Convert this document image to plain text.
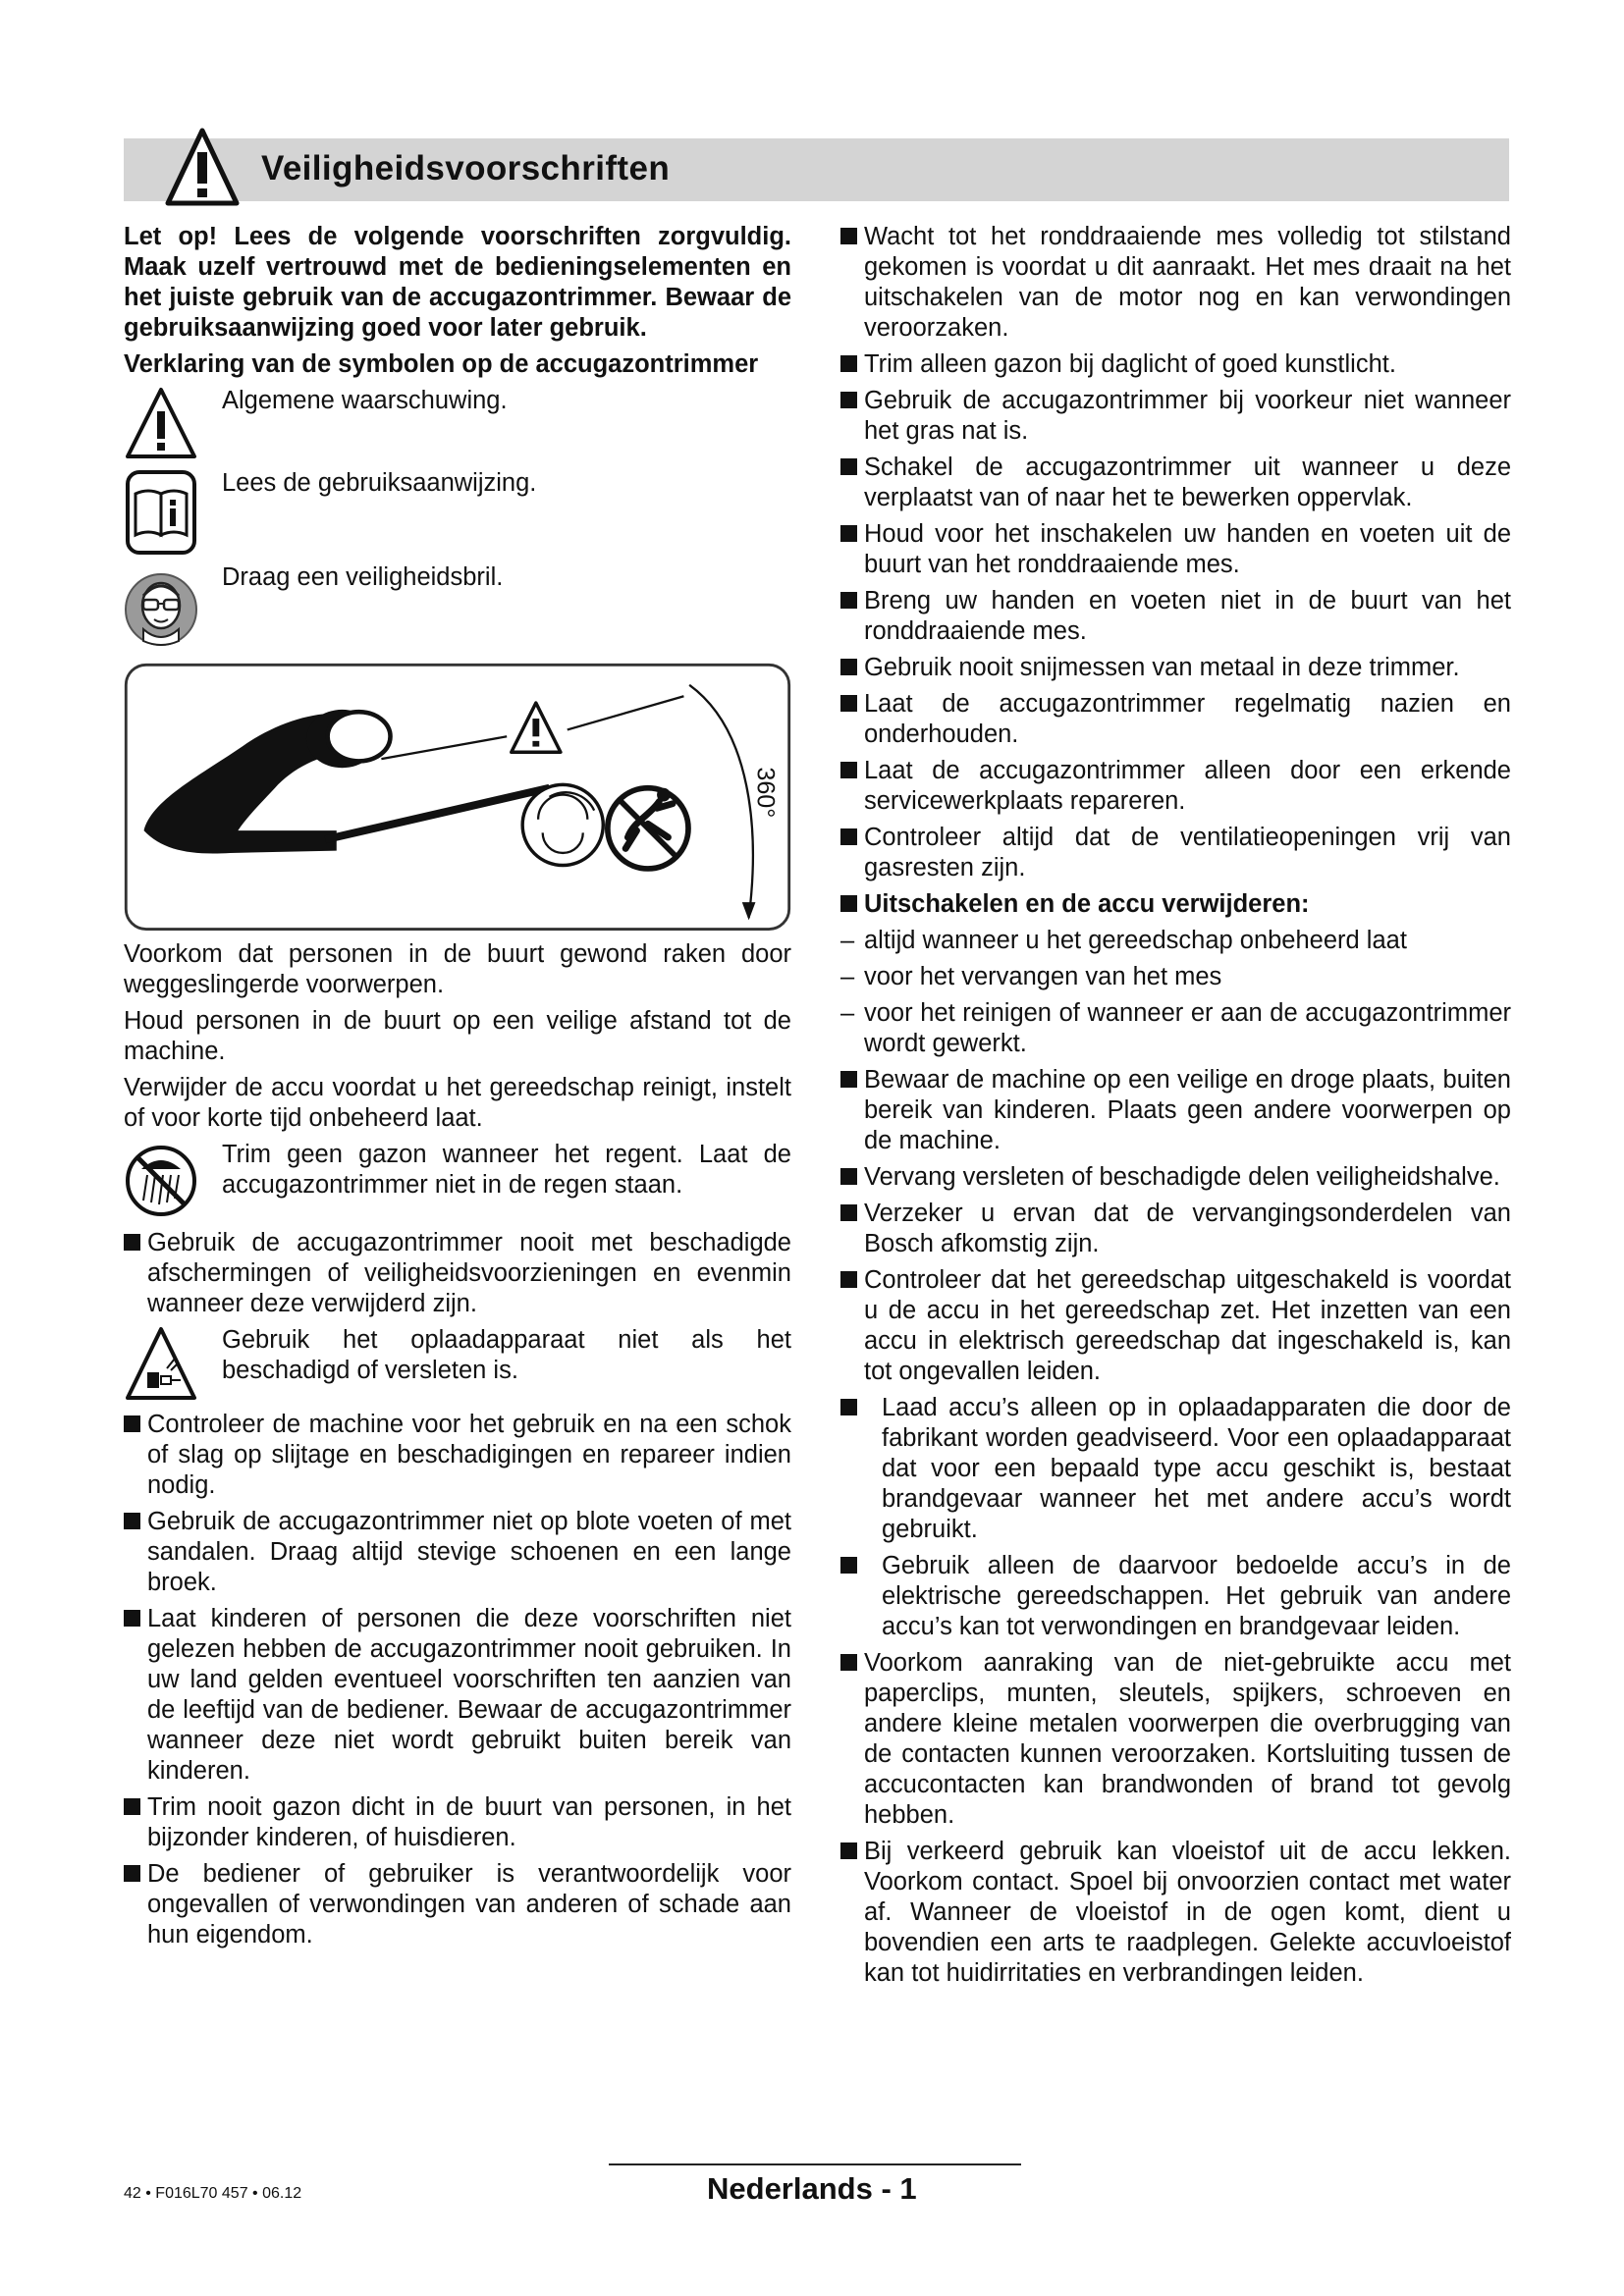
Veiligheidsvoorschriften

Let op! Lees de volgende voorschriften zorgvuldig. Maak uzelf vertrouwd met de bedieningselementen en het juiste gebruik van de accugazontrimmer. Bewaar de gebruiksaanwijzing goed voor later gebruik.

Verklaring van de symbolen op de accugazontrimmer

Algemene waarschuwing.
Lees de gebruiksaanwijzing.
Draag een veiligheidsbril.
360°

Voorkom dat personen in de buurt gewond raken door weggeslingerde voorwerpen.

Houd personen in de buurt op een veilige afstand tot de machine.

Verwijder de accu voordat u het gereedschap reinigt, instelt of voor korte tijd onbeheerd laat.

Trim geen gazon wanneer het regent. Laat de accugazontrimmer niet in de regen staan.
Gebruik de accugazontrimmer nooit met beschadigde afschermingen of veiligheidsvoorzieningen en evenmin wanneer deze verwijderd zijn.
Gebruik het oplaadapparaat niet als het beschadigd of versleten is.
Controleer de machine voor het gebruik en na een schok of slag op slijtage en beschadigingen en repareer indien nodig.
Gebruik de accugazontrimmer niet op blote voeten of met sandalen. Draag altijd stevige schoenen en een lange broek.
Laat kinderen of personen die deze voorschriften niet gelezen hebben de accugazontrimmer nooit gebruiken. In uw land gelden eventueel voorschriften ten aanzien van de leeftijd van de bediener. Bewaar de accugazontrimmer wanneer deze niet wordt gebruikt buiten bereik van kinderen.
Trim nooit gazon dicht in de buurt van personen, in het bijzonder kinderen, of huisdieren.
De bediener of gebruiker is verantwoordelijk voor ongevallen of verwondingen van anderen of schade aan hun eigendom.
Wacht tot het ronddraaiende mes volledig tot stilstand gekomen is voordat u dit aanraakt. Het mes draait na het uitschakelen van de motor nog en kan verwondingen veroorzaken.
Trim alleen gazon bij daglicht of goed kunstlicht.
Gebruik de accugazontrimmer bij voorkeur niet wanneer het gras nat is.
Schakel de accugazontrimmer uit wanneer u deze verplaatst van of naar het te bewerken oppervlak.
Houd voor het inschakelen uw handen en voeten uit de buurt van het ronddraaiende mes.
Breng uw handen en voeten niet in de buurt van het ronddraaiende mes.
Gebruik nooit snijmessen van metaal in deze trimmer.
Laat de accugazontrimmer regelmatig nazien en onderhouden.
Laat de accugazontrimmer alleen door een erkende servicewerkplaats repareren.
Controleer altijd dat de ventilatieopeningen vrij van gasresten zijn.
Uitschakelen en de accu verwijderen:
– altijd wanneer u het gereedschap onbeheerd laat
– voor het vervangen van het mes
– voor het reinigen of wanneer er aan de accugazontrimmer wordt gewerkt.
Bewaar de machine op een veilige en droge plaats, buiten bereik van kinderen. Plaats geen andere voorwerpen op de machine.
Vervang versleten of beschadigde delen veiligheidshalve.
Verzeker u ervan dat de vervangingsonderdelen van Bosch afkomstig zijn.
Controleer dat het gereedschap uitgeschakeld is voordat u de accu in het gereedschap zet. Het inzetten van een accu in elektrisch gereedschap dat ingeschakeld is, kan tot ongevallen leiden.
Laad accu’s alleen op in oplaadapparaten die door de fabrikant worden geadviseerd. Voor een oplaadapparaat dat voor een bepaald type accu geschikt is, bestaat brandgevaar wanneer het met andere accu’s wordt gebruikt.
Gebruik alleen de daarvoor bedoelde accu’s in de elektrische gereedschappen. Het gebruik van andere accu’s kan tot verwondingen en brandgevaar leiden.
Voorkom aanraking van de niet-gebruikte accu met paperclips, munten, sleutels, spijkers, schroeven en andere kleine metalen voorwerpen die overbrugging van de contacten kunnen veroorzaken. Kortsluiting tussen de accucontacten kan brandwonden of brand tot gevolg hebben.
Bij verkeerd gebruik kan vloeistof uit de accu lekken. Voorkom contact. Spoel bij onvoorzien contact met water af. Wanneer de vloeistof in de ogen komt, dient u bovendien een arts te raadplegen. Gelekte accuvloeistof kan tot huidirritaties en verbrandingen leiden.
42 • F016L70 457 • 06.12	Nederlands - 1
